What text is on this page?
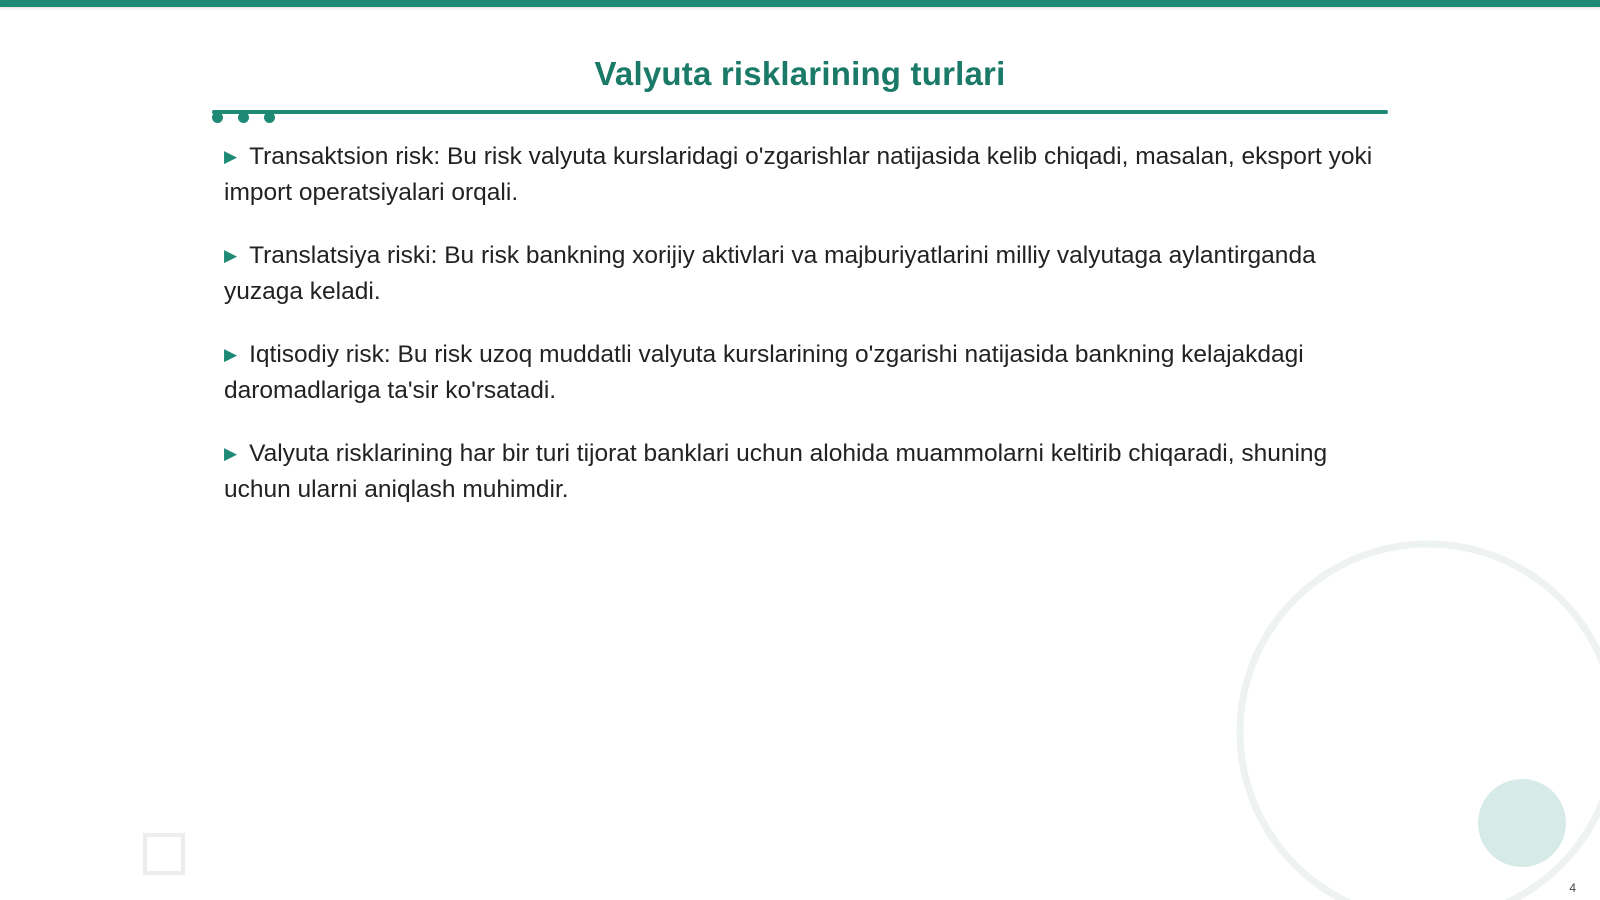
Valyuta risklarining turlari

▶ Transaktsion risk: Bu risk valyuta kurslaridagi o'zgarishlar natijasida kelib chiqadi, masalan, eksport yoki import operatsiyalari orqali.

▶ Translatsiya riski: Bu risk bankning xorijiy aktivlari va majburiyatlarini milliy valyutaga aylantirganda yuzaga keladi.

▶ Iqtisodiy risk: Bu risk uzoq muddatli valyuta kurslarining o'zgarishi natijasida bankning kelajakdagi daromadlariga ta'sir ko'rsatadi.

▶ Valyuta risklarining har bir turi tijorat banklari uchun alohida muammolarni keltirib chiqaradi, shuning uchun ularni aniqlash muhimdir.

4
